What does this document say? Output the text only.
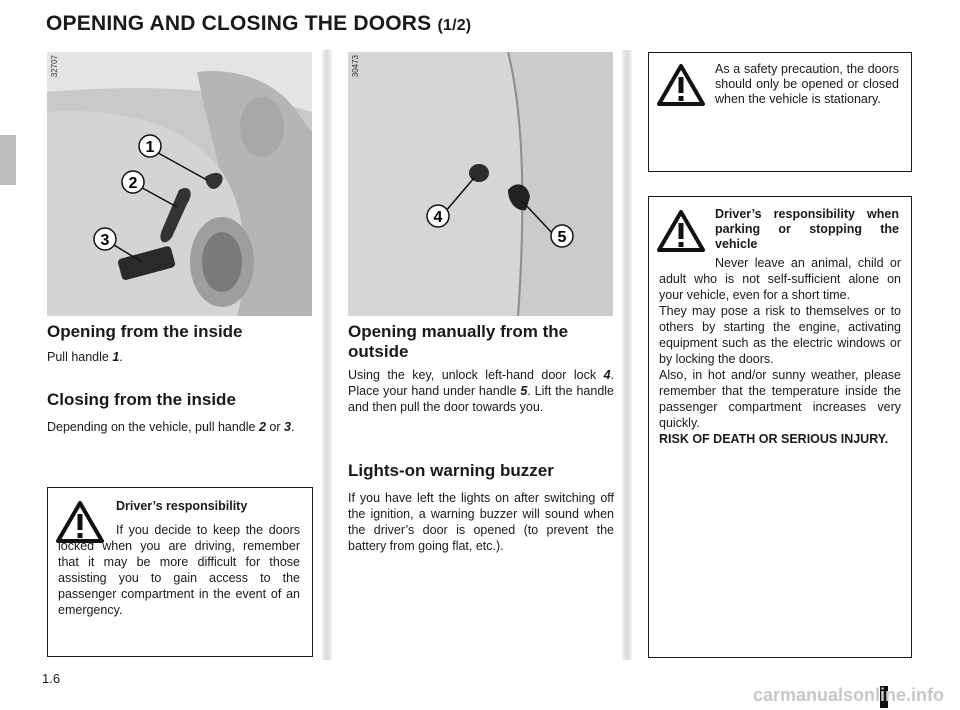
OPENING AND CLOSING THE DOORS (1/2)
1
2
3
32707
4
5
30473
Opening from the inside
Pull handle 1.
Closing from the inside
Depending on the vehicle, pull handle 2 or 3.
Driver’s responsibility
If you decide to keep the doors locked when you are driving, remember that it may be more difficult for those assisting you to gain access to the passenger compartment in the event of an emergency.
Opening manually from the outside
Using the key, unlock left-hand door lock 4. Place your hand under handle 5. Lift the handle and then pull the door towards you.
Lights-on warning buzzer
If you have left the lights on after switching off the ignition, a warning buzzer will sound when the driver’s door is opened (to prevent the battery from going flat, etc.).
As a safety precaution, the doors should only be opened or closed when the vehicle is stationary.
Driver’s responsibility when parking or stopping the vehicle
Never leave an animal, child or adult who is not self-sufficient alone on your vehicle, even for a short time.
They may pose a risk to themselves or to others by starting the engine, activating equipment such as the electric windows or by locking the doors.
Also, in hot and/or sunny weather, please remember that the temperature inside the passenger compartment increases very quickly.
RISK OF DEATH OR SERIOUS INJURY.
1.6
carmanualsonline.info
